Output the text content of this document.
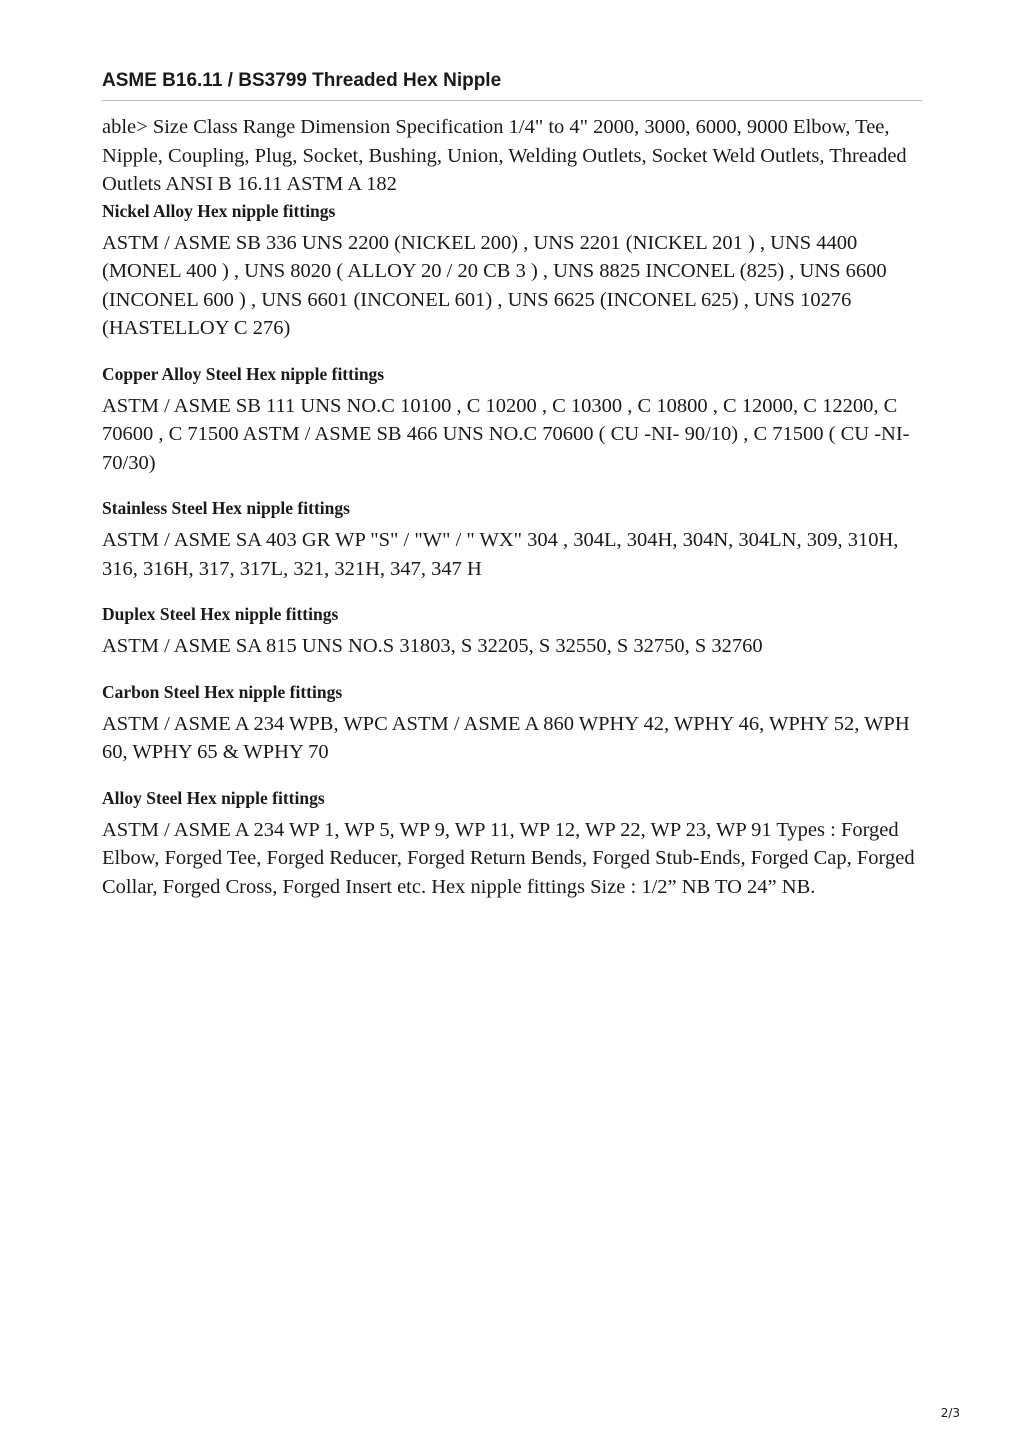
ASME B16.11 / BS3799 Threaded Hex Nipple

able> Size Class Range Dimension Specification 1/4" to 4" 2000, 3000, 6000, 9000 Elbow, Tee, Nipple, Coupling, Plug, Socket, Bushing, Union, Welding Outlets, Socket Weld Outlets, Threaded Outlets ANSI B 16.11 ASTM A 182

Nickel Alloy Hex nipple fittings

ASTM / ASME SB 336 UNS 2200 (NICKEL 200) , UNS 2201 (NICKEL 201 ) , UNS 4400 (MONEL 400 ) , UNS 8020 ( ALLOY 20 / 20 CB 3 ) , UNS 8825 INCONEL (825) , UNS 6600 (INCONEL 600 ) , UNS 6601 (INCONEL 601) , UNS 6625 (INCONEL 625) , UNS 10276 (HASTELLOY C 276)

Copper Alloy Steel Hex nipple fittings

ASTM / ASME SB 111 UNS NO.C 10100 , C 10200 , C 10300 , C 10800 , C 12000, C 12200, C 70600 , C 71500 ASTM / ASME SB 466 UNS NO.C 70600 ( CU -NI- 90/10) , C 71500 ( CU -NI- 70/30)

Stainless Steel Hex nipple fittings

ASTM / ASME SA 403 GR WP "S" / "W" / " WX" 304 , 304L, 304H, 304N, 304LN, 309, 310H, 316, 316H, 317, 317L, 321, 321H, 347, 347 H

Duplex Steel Hex nipple fittings

ASTM / ASME SA 815 UNS NO.S 31803, S 32205, S 32550, S 32750, S 32760

Carbon Steel Hex nipple fittings

ASTM / ASME A 234 WPB, WPC ASTM / ASME A 860 WPHY 42, WPHY 46, WPHY 52, WPH 60, WPHY 65 & WPHY 70

Alloy Steel Hex nipple fittings

ASTM / ASME A 234 WP 1, WP 5, WP 9, WP 11, WP 12, WP 22, WP 23, WP 91 Types : Forged Elbow, Forged Tee, Forged Reducer, Forged Return Bends, Forged Stub-Ends, Forged Cap, Forged Collar, Forged Cross, Forged Insert etc. Hex nipple fittings Size : 1/2” NB TO 24” NB.

2/3
